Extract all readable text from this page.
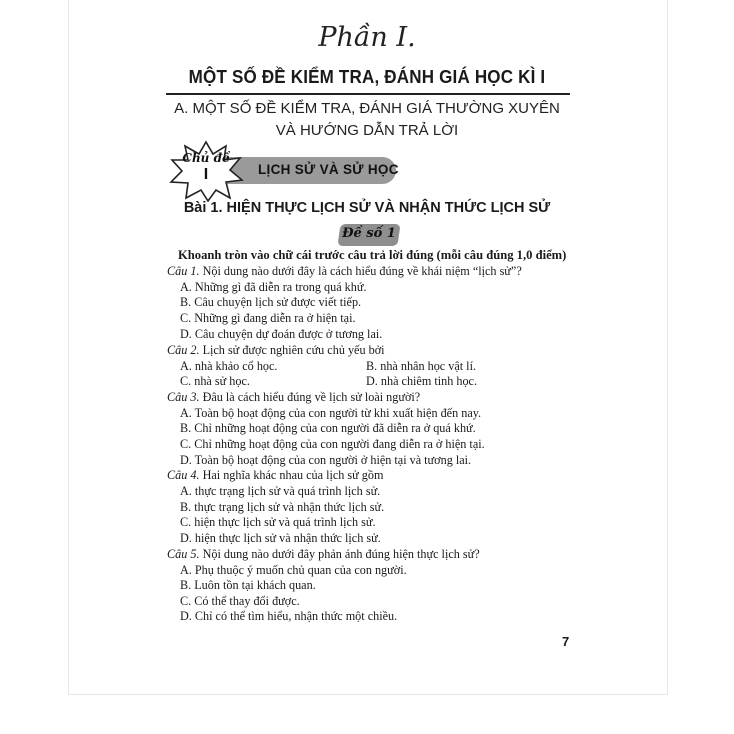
Phần I.
MỘT SỐ ĐỀ KIỂM TRA, ĐÁNH GIÁ HỌC KÌ I
A. MỘT SỐ ĐỀ KIỂM TRA, ĐÁNH GIÁ THƯỜNG XUYÊN
VÀ HƯỚNG DẪN TRẢ LỜI
Chủ đề
I	LỊCH SỬ VÀ SỬ HỌC
Bài 1. HIỆN THỰC LỊCH SỬ VÀ NHẬN THỨC LỊCH SỬ
Đề số 1
Khoanh tròn vào chữ cái trước câu trả lời đúng (mỗi câu đúng 1,0 điểm)
Câu 1. Nội dung nào dưới đây là cách hiểu đúng về khái niệm “lịch sử”?
A. Những gì đã diễn ra trong quá khứ.
B. Câu chuyện lịch sử được viết tiếp.
C. Những gì đang diễn ra ở hiện tại.
D. Câu chuyện dự đoán được ở tương lai.
Câu 2. Lịch sử được nghiên cứu chủ yếu bởi
A. nhà khảo cổ học.	B. nhà nhân học vật lí.
C. nhà sử học.	D. nhà chiêm tinh học.
Câu 3. Đâu là cách hiểu đúng về lịch sử loài người?
A. Toàn bộ hoạt động của con người từ khi xuất hiện đến nay.
B. Chỉ những hoạt động của con người đã diễn ra ở quá khứ.
C. Chỉ những hoạt động của con người đang diễn ra ở hiện tại.
D. Toàn bộ hoạt động của con người ở hiện tại và tương lai.
Câu 4. Hai nghĩa khác nhau của lịch sử gồm
A. thực trạng lịch sử và quá trình lịch sử.
B. thực trạng lịch sử và nhận thức lịch sử.
C. hiện thực lịch sử và quá trình lịch sử.
D. hiện thực lịch sử và nhận thức lịch sử.
Câu 5. Nội dung nào dưới đây phản ánh đúng hiện thực lịch sử?
A. Phụ thuộc ý muốn chủ quan của con người.
B. Luôn tồn tại khách quan.
C. Có thể thay đổi được.
D. Chỉ có thể tìm hiểu, nhận thức một chiều.
7
